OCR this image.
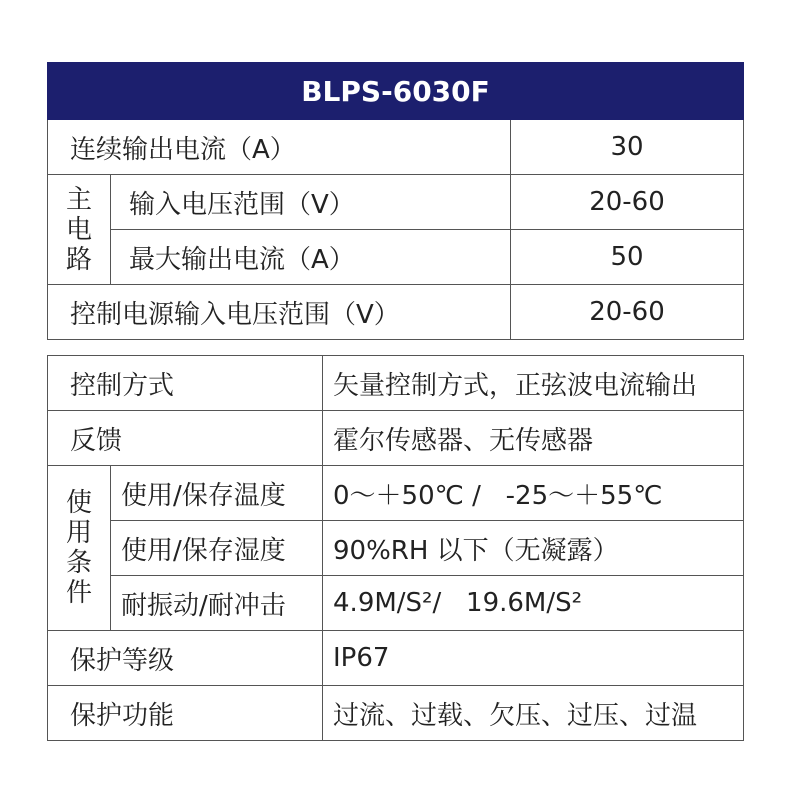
BLPS-6030F		
连续输出电流（A）		30

主
电
路	输入电压范围（V）	20-60
	最大输出电流（A）	50
控制电源输入电压范围（V）		20-60
控制方式		矢量控制方式，正弦波电流输出
反馈		霍尔传感器、无传感器

使
用
条
件	使用/保存温度	0～＋50℃ /   -25～＋55℃
	使用/保存湿度	90%RH 以下（无凝露）
	耐振动/耐冲击	4.9M/S²/   19.6M/S²
保护等级		IP67
保护功能		过流、过载、欠压、过压、过温
